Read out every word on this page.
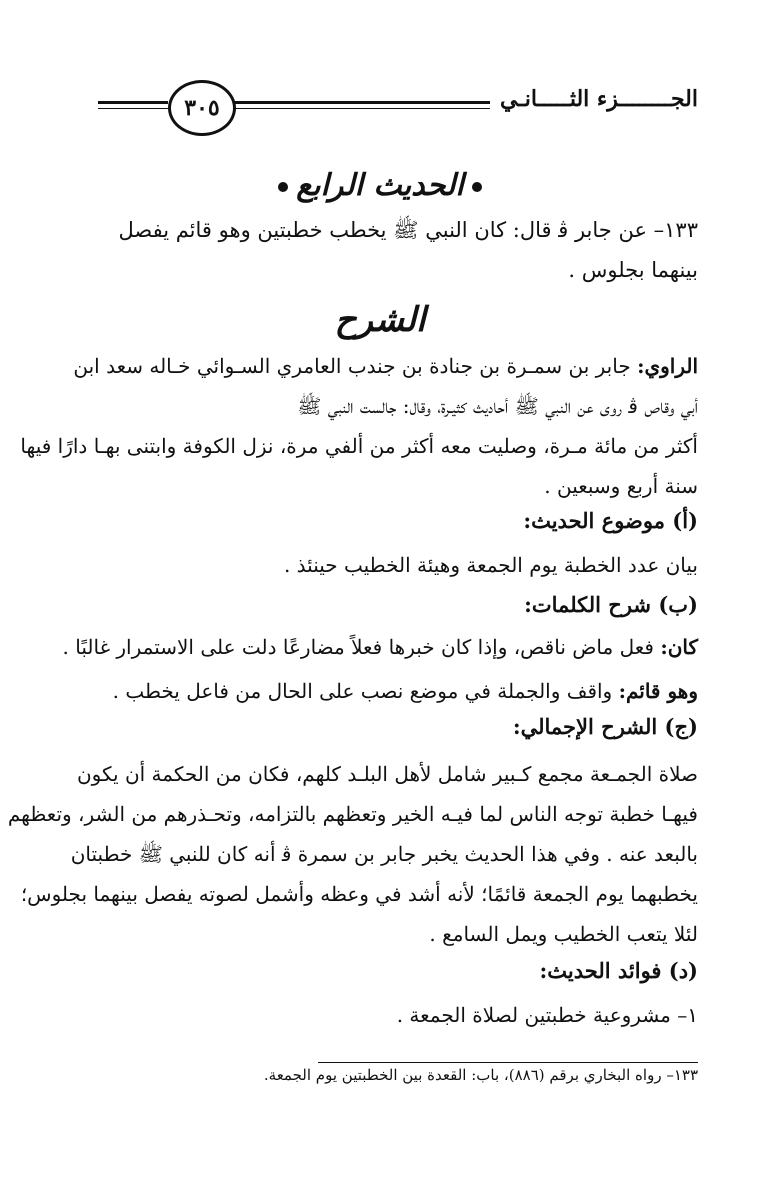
الجــــــــزء الثـــــانـي
٣٠٥
الحديث الرابع
١٣٣– عن جابر ﭬ قال: كان النبي ﷺ يخطب خطبتين وهو قائم يفصل
بينهما بجلوس .
الشرح
الراوي: جابر بن سمـرة بن جنادة بن جندب العامري السـوائي خـاله سعد ابن
أبي وقاص ﭬ روى عن النبي ﷺ أحاديث كثيـرة، وقال: جالست النبي ﷺ
أكثر من مائة مـرة، وصليت معه أكثر من ألفي مرة، نزل الكوفة وابتنى بهـا دارًا فيها
سنة أربع وسبعين .
(أ) موضوع الحديث:
بيان عدد الخطبة يوم الجمعة وهيئة الخطيب حينئذ .
(ب) شرح الكلمات:
كان: فعل ماض ناقص، وإذا كان خبرها فعلاً مضارعًا دلت على الاستمرار غالبًا .
وهو قائم: واقف والجملة في موضع نصب على الحال من فاعل يخطب .
(ج) الشرح الإجمالي:
صلاة الجمـعة مجمع كـبير شامل لأهل البلـد كلهم، فكان من الحكمة أن يكون
فيهـا خطبة توجه الناس لما فيـه الخير وتعظهم بالتزامه، وتحـذرهم من الشر، وتعظهم
بالبعد عنه . وفي هذا الحديث يخبر جابر بن سمرة ﭬ أنه كان للنبي ﷺ خطبتان
يخطبهما يوم الجمعة قائمًا؛ لأنه أشد في وعظه وأشمل لصوته يفصل بينهما بجلوس؛
لئلا يتعب الخطيب ويمل السامع .
(د) فوائد الحديث:
١– مشروعية خطبتين لصلاة الجمعة .
١٣٣– رواه البخاري برقم (٨٨٦)، باب: القعدة بين الخطبتين يوم الجمعة.
